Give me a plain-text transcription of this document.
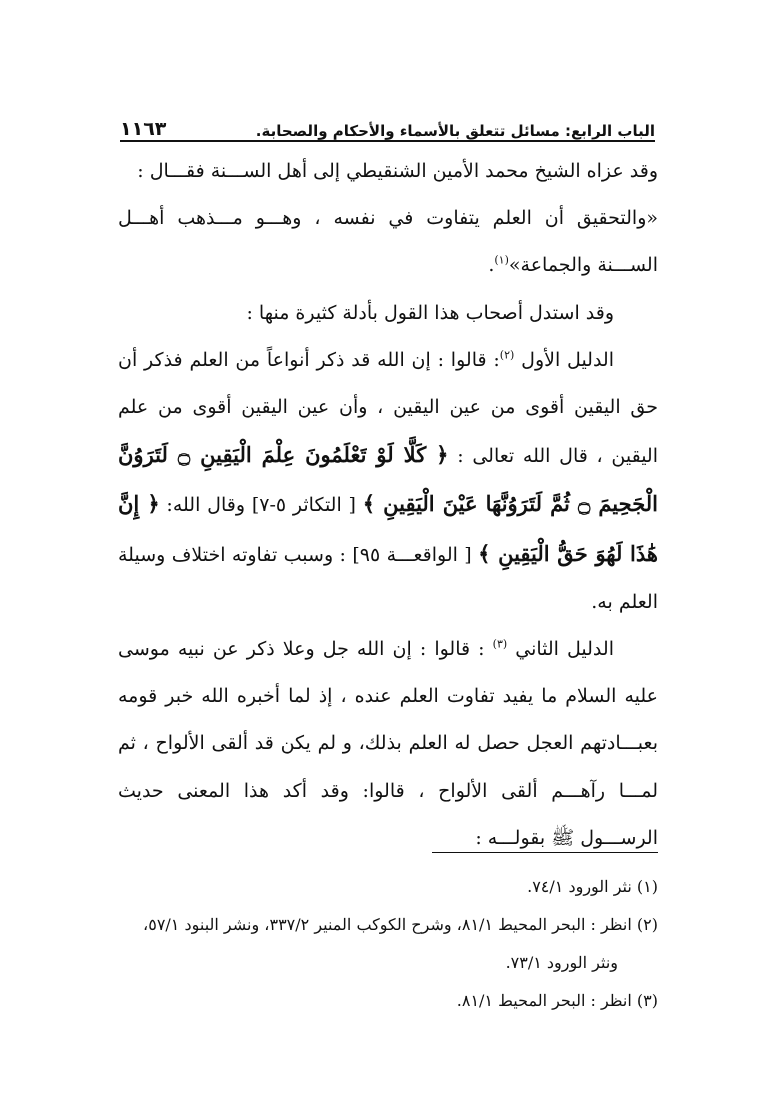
الباب الرابع: مسائل تتعلق بالأسماء والأحكام والصحابة.
١١٦٣

وقد عزاه الشيخ محمد الأمين الشنقيطي إلى أهل الســـنة فقـــال :

«والتحقيق أن العلم يتفاوت في نفسه ، وهـــو مـــذهب أهـــل الســـنة والجماعة»$^{(١)}$.

وقد استدل أصحاب هذا القول بأدلة كثيرة منها :

الدليل الأول $^{(٢)}$: قالوا : إن الله قد ذكر أنواعاً من العلم فذكر أن حق اليقين أقوى من عين اليقين ، وأن عين اليقين أقوى من علم اليقين ، قال الله تعالى : ﴿ كَلَّا لَوْ تَعْلَمُونَ عِلْمَ الْيَقِينِ ۝ لَتَرَوُنَّ الْجَحِيمَ ۝ ثُمَّ لَتَرَوُنَّهَا عَيْنَ الْيَقِينِ ﴾ [ التكاثر ٥-٧] وقال الله: ﴿ إِنَّ هَٰذَا لَهُوَ حَقُّ الْيَقِينِ ﴾ [ الواقعـــة ٩٥] : وسبب تفاوته اختلاف وسيلة العلم به.

الدليل الثاني $^{(٣)}$ : قالوا : إن الله جل وعلا ذكر عن نبيه موسى عليه السلام ما يفيد تفاوت العلم عنده ، إذ لما أخبره الله خبر قومه بعبـــادتهم العجل حصل له العلم بذلك، و لم يكن قد ألقى الألواح ، ثم لمـــا رآهـــم ألقى الألواح ، قالوا: وقد أكد هذا المعنى حديث الرســـول ﷺ بقولـــه :

(١) نثر الورود ٧٤/١.

(٢) انظر : البحر المحيط ٨١/١، وشرح الكوكب المنير ٣٣٧/٢، ونشر البنود ٥٧/١،

ونثر الورود ٧٣/١.

(٣) انظر : البحر المحيط ٨١/١.
